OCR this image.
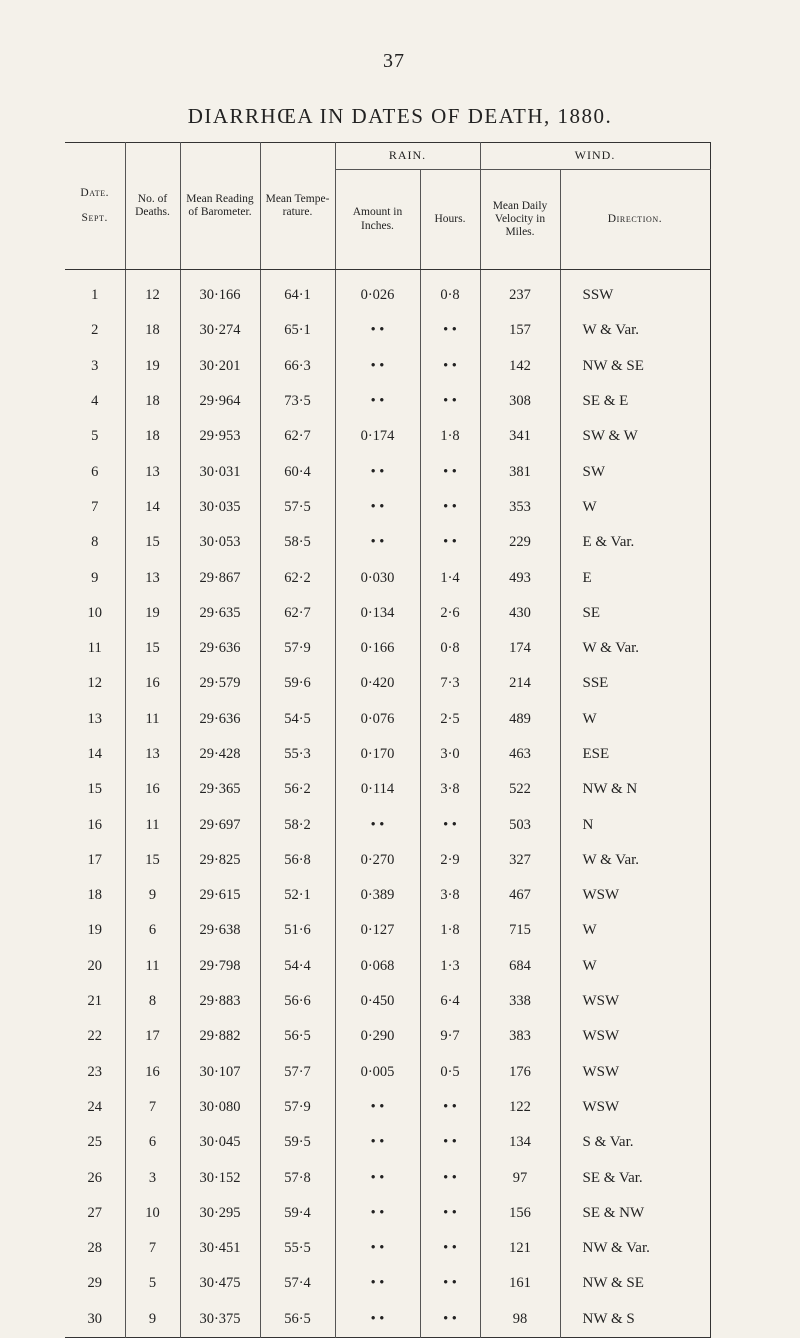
37
DIARRHŒA IN DATES OF DEATH, 1880.
Date.
Sept.	No. of Deaths.	Mean Reading of Barometer.	Mean Tempe- rature.	RAIN.		WIND.	
				Amount in Inches.	Hours.	Mean Daily Velocity in Miles.	Direction.
1	12	30·166	64·1	0·026	0·8	237	SSW
2	18	30·274	65·1	• •	• •	157	W & Var.
3	19	30·201	66·3	• •	• •	142	NW & SE
4	18	29·964	73·5	• •	• •	308	SE & E
5	18	29·953	62·7	0·174	1·8	341	SW & W
6	13	30·031	60·4	• •	• •	381	SW
7	14	30·035	57·5	• •	• •	353	W
8	15	30·053	58·5	• •	• •	229	E & Var.
9	13	29·867	62·2	0·030	1·4	493	E
10	19	29·635	62·7	0·134	2·6	430	SE
11	15	29·636	57·9	0·166	0·8	174	W & Var.
12	16	29·579	59·6	0·420	7·3	214	SSE
13	11	29·636	54·5	0·076	2·5	489	W
14	13	29·428	55·3	0·170	3·0	463	ESE
15	16	29·365	56·2	0·114	3·8	522	NW & N
16	11	29·697	58·2	• •	• •	503	N
17	15	29·825	56·8	0·270	2·9	327	W & Var.
18	9	29·615	52·1	0·389	3·8	467	WSW
19	6	29·638	51·6	0·127	1·8	715	W
20	11	29·798	54·4	0·068	1·3	684	W
21	8	29·883	56·6	0·450	6·4	338	WSW
22	17	29·882	56·5	0·290	9·7	383	WSW
23	16	30·107	57·7	0·005	0·5	176	WSW
24	7	30·080	57·9	• •	• •	122	WSW
25	6	30·045	59·5	• •	• •	134	S & Var.
26	3	30·152	57·8	• •	• •	97	SE & Var.
27	10	30·295	59·4	• •	• •	156	SE & NW
28	7	30·451	55·5	• •	• •	121	NW & Var.
29	5	30·475	57·4	• •	• •	161	NW & SE
30	9	30·375	56·5	• •	• •	98	NW & S
